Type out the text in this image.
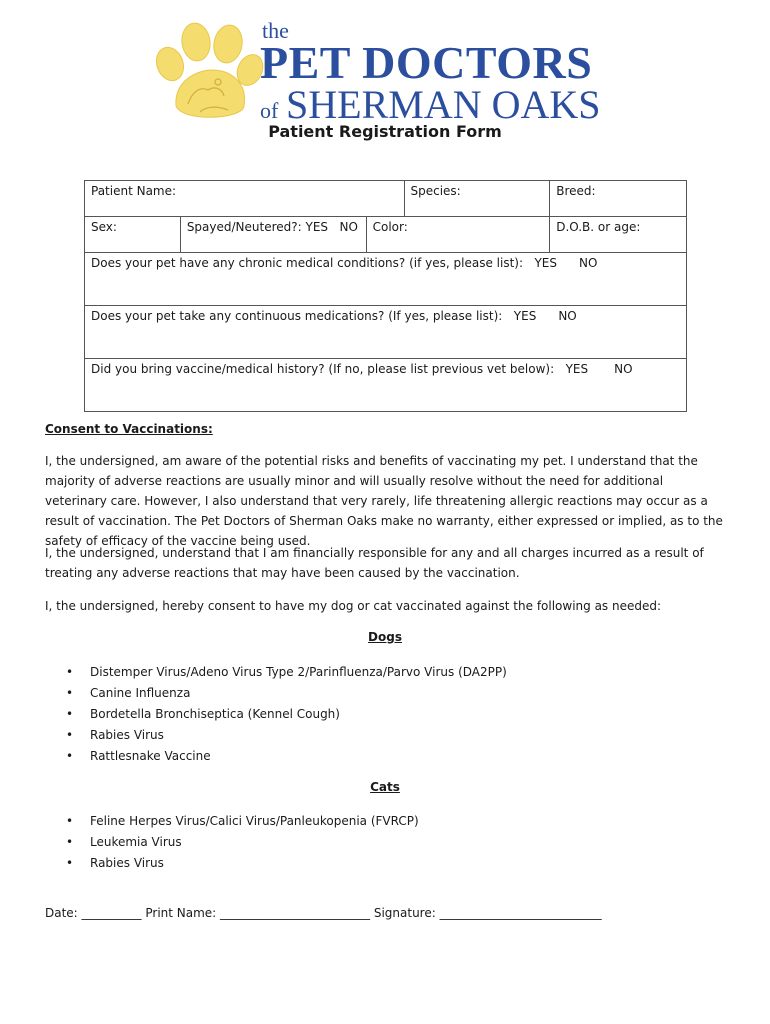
the
PET DOCTORS
of SHERMAN OAKS
Patient Registration Form
Patient Name:			Species:	Breed:
Sex:	Spayed/Neutered?: YES NO	Color:		D.O.B. or age:
Does your pet have any chronic medical conditions? (if yes, please list): YES NO				
Does your pet take any continuous medications? (If yes, please list): YES NO				
Did you bring vaccine/medical history? (If no, please list previous vet below): YES NO				
Consent to Vaccinations:

I, the undersigned, am aware of the potential risks and benefits of vaccinating my pet. I understand that the majority of adverse reactions are usually minor and will usually resolve without the need for additional veterinary care. However, I also understand that very rarely, life threatening allergic reactions may occur as a result of vaccination. The Pet Doctors of Sherman Oaks make no warranty, either expressed or implied, as to the safety of efficacy of the vaccine being used.

I, the undersigned, understand that I am financially responsible for any and all charges incurred as a result of treating any adverse reactions that may have been caused by the vaccination.

I, the undersigned, hereby consent to have my dog or cat vaccinated against the following as needed:

Dogs
• Distemper Virus/Adeno Virus Type 2/Parinfluenza/Parvo Virus (DA2PP)
• Canine Influenza
• Bordetella Bronchiseptica (Kennel Cough)
• Rabies Virus
• Rattlesnake Vaccine
Cats
• Feline Herpes Virus/Calici Virus/Panleukopenia (FVRCP)
• Leukemia Virus
• Rabies Virus
Date: __________ Print Name: _________________________ Signature: ___________________________
